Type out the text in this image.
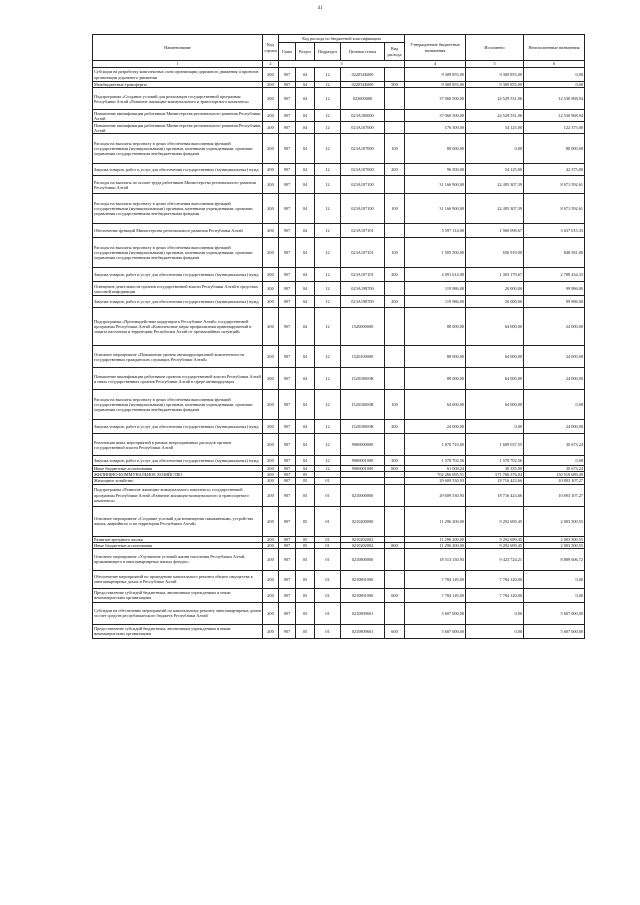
41
Наименование	Код строки	Код расхода по бюджетной классификации					Утвержденные бюджетные назначения	Исполнено	Неисполненные назначения
		Глава	Раздел	Подраздел	Целевая статья	Вид расхода			
1	2	3					4	5	6
Субсидии на разработку комплексных схем организации дорожного движения и проектов организации дорожного движения	200	907	04	12	022054Б000		9 309 855,00	9 309 855,00	0,00
Межбюджетные трансферты	200	907	04	12	022054Б000	500	9 309 855,00	9 309 855,00	0,00
Подпрограмма «Создание условий для реализации государственной программы Республики Алтай «Развитие жилищно-коммунального и транспортного комплекса»	200	907	04	12	023000000		37 060 500,00	24 529 531,06	12 530 968,94
Повышение квалификации работников Министерства регионального развития Республики Алтай	200	907	04	12	023A100000		37 060 500,00	24 529 531,06	12 530 968,94
Повышение квалификации работников Министерства регионального развития Республики Алтай	200	907	04	12	023A107000		176 500,00	54 125,00	122 375,00
Расходы на выплаты персоналу в целях обеспечения выполнения функций государственными (муниципальными) органами, казенными учреждениями, органами управления государственными внебюджетными фондами	200	907	04	12	023A107000	100	80 000,00	0,00	80 000,00
Закупка товаров, работ и услуг для обеспечения государственных (муниципальных) нужд	200	907	04	12	023A107000	200	96 500,00	54 125,00	42 375,00
Расходы на выплаты по оплате труда работников Министерства регионального развития Республики Алтай	200	907	04	12	023A107100		31 166 900,00	22 495 307,39	8 671 592,61
Расходы на выплаты персоналу в целях обеспечения выполнения функций государственными (муниципальными) органами, казенными учреждениями, органами управления государственными внебюджетными фондами	200	907	04	12	023A107100	100	31 166 900,00	22 495 307,39	8 671 592,61
Обеспечение функций Министерства регионального развития Республики Алтай	200	907	04	12	023A107101		5 597 114,00	1 960 098,67	3 637 015,33
Расходы на выплаты персоналу в целях обеспечения выполнения функций государственными (муниципальными) органами, казенными учреждениями, органами управления государственными внебюджетными фондами	200	907	04	12	023A107101	100	1 505 500,00	656 919,00	848 581,00
Закупка товаров, работ и услуг для обеспечения государственных (муниципальных) нужд	200	907	04	12	023A107101	200	4 091 614,00	1 303 179,67	2 788 434,33
Освещение деятельности органов государственной власти Республики Алтай в средствах массовой информации	200	907	04	12	023A198700		119 986,00	20 000,00	99 986,00
Закупка товаров, работ и услуг для обеспечения государственных (муниципальных) нужд	200	907	04	12	023A198700	200	119 986,00	20 000,00	99 986,00
Подпрограмма «Противодействие коррупции в Республике Алтай» государственной программы Республики Алтай «Комплексные меры профилактики правонарушений и защита населения и территории Республики Алтай от чрезвычайных ситуаций»	200	907	04	12	1520000000		88 000,00	64 000,00	24 000,00
Основное мероприятие «Повышение уровня антикоррупционной компетентности государственных гражданских служащих Республики Алтай»	200	907	04	12	1520100000		88 000,00	64 000,00	24 000,00
Повышение квалификации работников органов государственной власти Республики Алтай и иных государственных органов Республики Алтай в сфере антикоррупции	200	907	04	12	152010000K		88 000,00	64 000,00	24 000,00
Расходы на выплаты персоналу в целях обеспечения выполнения функций государственными (муниципальными) органами, казенными учреждениями, органами управления государственными внебюджетными фондами	200	907	04	12	152010000K	100	64 000,00	64 000,00	0,00
Закупка товаров, работ и услуг для обеспечения государственных (муниципальных) нужд	200	907	04	12	152010000K	200	24 000,00	0,00	24 000,00
Реализация иных мероприятий в рамках непрограммных расходов органов государственной власти Республики Алтай	200	907	04	12	9900000000		1 670 710,00	1 609 037,55	30 673,24
Закупка товаров, работ и услуг для обеспечения государственных (муниципальных) нужд	200	907	04	12	9900001000	200	1 578 702,56	1 578 702,56	0,00
Иные бюджетные ассигнования	200	907	04	12	9900001000	800	61 008,24	30 335,00	30 673,24
ЖИЛИЩНО-КОММУНАЛЬНОЕ ХОЗЯЙСТВО	200	907	05				702 266 695,51	571 766 376,04	130 510 689,49
Жилищное хозяйство	200	907	05	01			29 609 530,93	18 716 423,66	10 893 107,27
Подпрограмма «Развитие жилищно-коммунального комплекса» государственной программы Республики Алтай «Развитие жилищно-коммунального и транспортного комплекса»	200	907	05	01	0210000000		29 609 530,93	18 716 423,66	10 893 107,27
Основное мероприятие «Создание условий для возмещения скважинными, устройства жилья, аварийного и на территории Республики Алтай»	200	907	05	01	0210200000		11 296 200,00	9 292 699,45	2 003 500,55
Развитие арендного жилья	200	907	05	01	0210202002		11 296 200,00	9 292 699,45	2 003 500,55
Иные бюджетные ассигнования	200	907	05	01	0210202002	800	11 296 200,00	9 292 699,45	2 003 500,55
Основное мероприятие «Улучшение условий жизни населения Республики Алтай, проживающего в многоквартирных жилых фондах»	200	907	05	01	0210800000		18 313 330,93	9 423 724,21	8 889 606,72
Обеспечение мероприятий по проведению капитального ремонта общего имущества в многоквартирных домах в Республике Алтай	200	907	05	01	0210801000		7 784 120,00	7 784 120,00	0,00
Предоставление субсидий бюджетным, автономным учреждениям и иным некоммерческим организациям	200	907	05	01	0210801000	600	7 784 120,00	7 784 120,00	0,00
Субсидии на обеспечение мероприятий по капитальному ремонту многоквартирных домов за счет средств республиканского бюджета Республики Алтай	200	907	05	01	0210809601		5 607 000,00	0,00	5 607 000,00
Предоставление субсидий бюджетным, автономным учреждениям и иным некоммерческим организациям	200	907	05	01	0210809601	600	5 607 000,00	0,00	5 607 000,00
